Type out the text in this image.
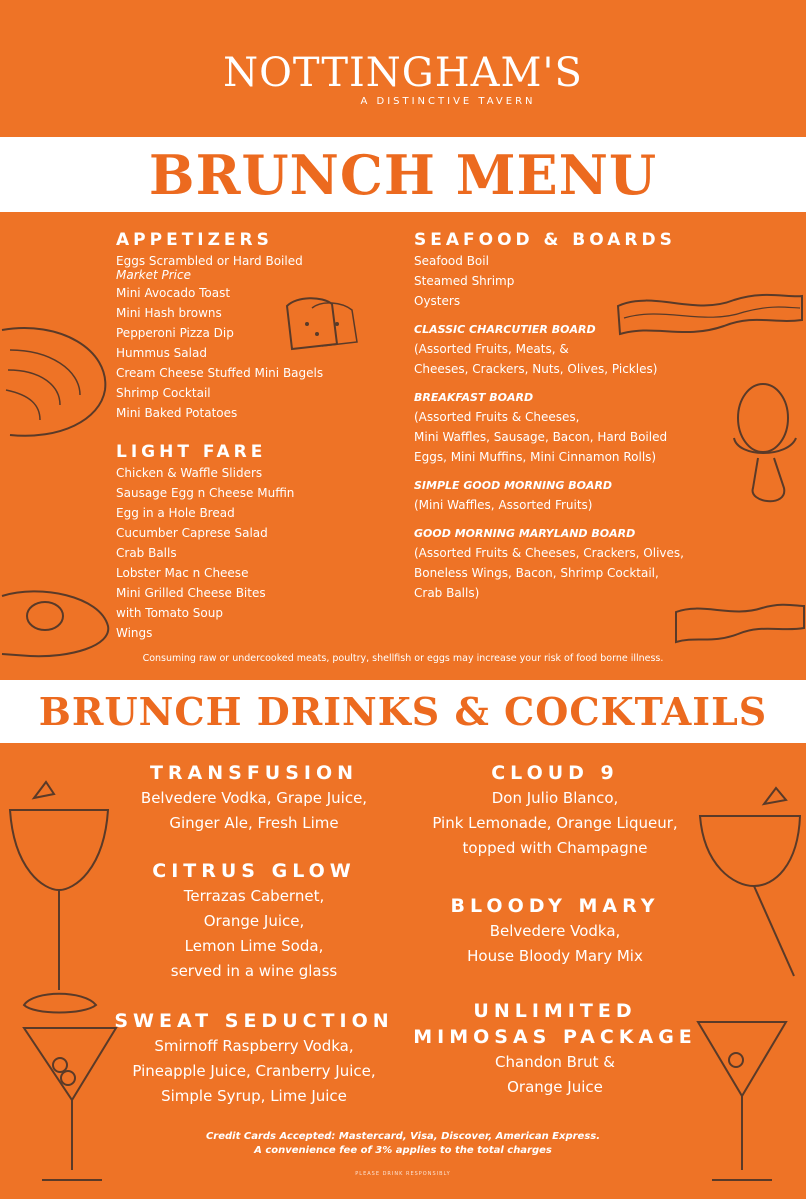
NOTTINGHAM'S
A DISTINCTIVE TAVERN
BRUNCH MENU
APPETIZERS
Eggs Scrambled or Hard Boiled
Market Price
Mini Avocado Toast
Mini Hash browns
Pepperoni Pizza Dip
Hummus Salad
Cream Cheese Stuffed Mini Bagels
Shrimp Cocktail
Mini Baked Potatoes
LIGHT FARE
Chicken & Waffle Sliders
Sausage Egg n Cheese Muffin
Egg in a Hole Bread
Cucumber Caprese Salad
Crab Balls
Lobster Mac n Cheese
Mini Grilled Cheese Bites
with Tomato Soup
Wings
SEAFOOD & BOARDS
Seafood Boil
Steamed Shrimp
Oysters
CLASSIC CHARCUTIER BOARD
(Assorted Fruits, Meats, &
Cheeses, Crackers, Nuts, Olives, Pickles)
BREAKFAST BOARD
(Assorted Fruits & Cheeses,
Mini Waffles, Sausage, Bacon, Hard Boiled
Eggs, Mini Muffins, Mini Cinnamon Rolls)
SIMPLE GOOD MORNING BOARD
(Mini Waffles, Assorted Fruits)
GOOD MORNING MARYLAND BOARD
(Assorted Fruits & Cheeses, Crackers, Olives,
Boneless Wings, Bacon, Shrimp Cocktail,
Crab Balls)
Consuming raw or undercooked meats, poultry, shellfish or eggs may increase your risk of food borne illness.
BRUNCH DRINKS & COCKTAILS
TRANSFUSION
Belvedere Vodka, Grape Juice,
Ginger Ale, Fresh Lime
CITRUS GLOW
Terrazas Cabernet,
Orange Juice,
Lemon Lime Soda,
served in a wine glass
SWEAT SEDUCTION
Smirnoff Raspberry Vodka,
Pineapple Juice, Cranberry Juice,
Simple Syrup, Lime Juice
CLOUD 9
Don Julio Blanco,
Pink Lemonade, Orange Liqueur,
topped with Champagne
BLOODY MARY
Belvedere Vodka,
House Bloody Mary Mix
UNLIMITED
MIMOSAS PACKAGE
Chandon Brut &
Orange Juice
Credit Cards Accepted: Mastercard, Visa, Discover, American Express.
A convenience fee of 3% applies to the total charges
PLEASE DRINK RESPONSIBLY
